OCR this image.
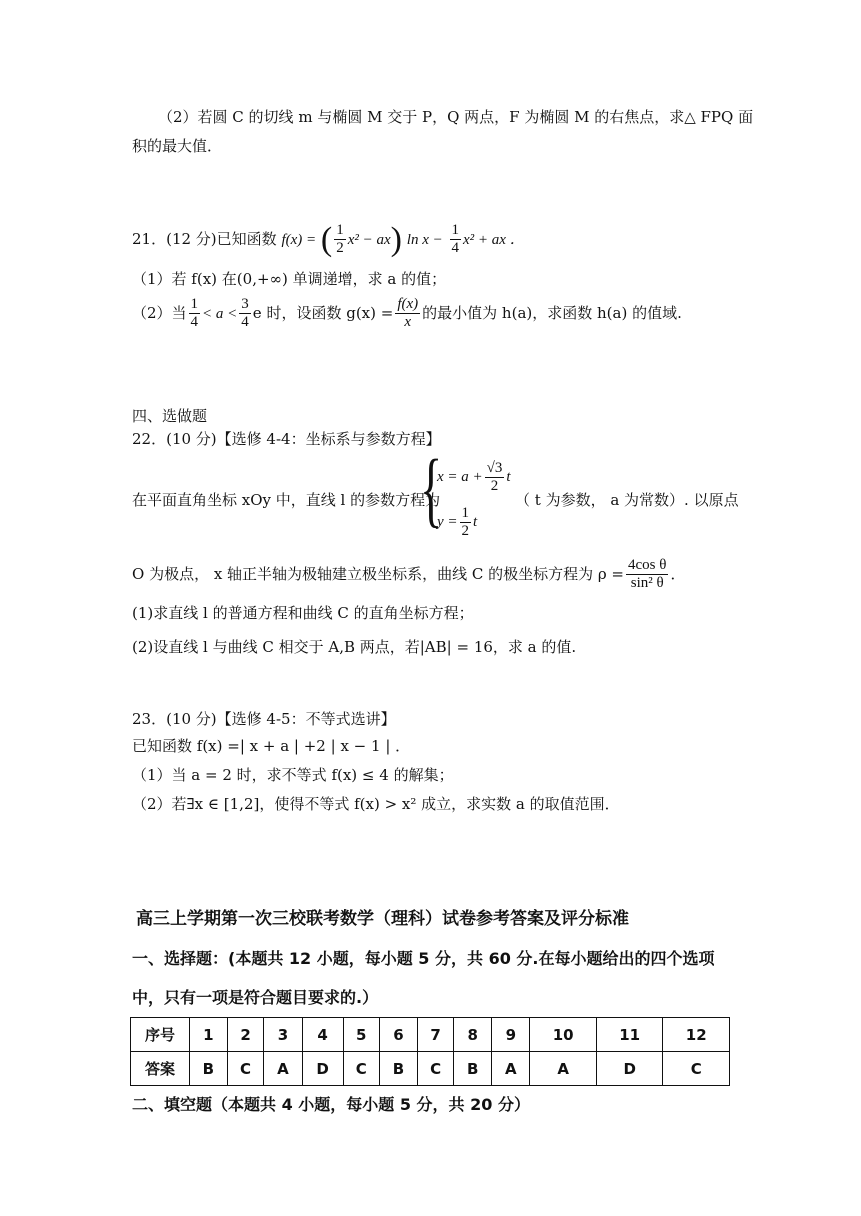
（2）若圆 C 的切线 m 与椭圆 M 交于 P，Q 两点，F 为椭圆 M 的右焦点，求△ FPQ 面
积的最大值．
21．(12 分)已知函数 f(x) = ( $\frac{1}{2} x^2 - ax$) $\ln x - \frac{1}{4} x^2$ + ax ．
（1）若 f(x) 在(0,+∞) 单调递增，求 a 的值；
（2）当 $\frac{1}{4} < a < \frac{3}{4}$ e 时，设函数 $g(x) = \frac{f(x)}{x}$ 的最小值为 h(a)，求函数 h(a) 的值域.
四、选做题
22．(10 分)【选修 4-4：坐标系与参数方程】
在平面直角坐标 xOy 中，直线 l 的参数方程为
{
$x = a + \frac{√3}{2}$ t
$y = \frac{1}{2}$ t
（ t 为参数， a 为常数）. 以原点
O 为极点， x 轴正半轴为极轴建立极坐标系，曲线 C 的极坐标方程为 $\rho = \frac{\text{4cos θ}}{\text{sin² θ}}$ ．
(1)求直线 l 的普通方程和曲线 C 的直角坐标方程；
(2)设直线 l 与曲线 C 相交于 A,B 两点，若|AB| = 16，求 a 的值.
23．(10 分)【选修 4-5：不等式选讲】
已知函数 f(x) =| x + a | +2 | x − 1 | ．
（1）当 a = 2 时，求不等式 f(x) ≤ 4 的解集；
（2）若∃x ∈ [1,2]，使得不等式 f(x) > x² 成立，求实数 a 的取值范围．
高三上学期第一次三校联考数学（理科）试卷参考答案及评分标准
一、选择题：(本题共 12 小题，每小题 5 分，共 60 分.在每小题给出的四个选项
中，只有一项是符合题目要求的.）
序号	1	2	3	4	5	6	7	8	9	10	11	12
答案	B	C	A	D	C	B	C	B	A	A	D	C
二、填空题（本题共 4 小题，每小题 5 分，共 20 分）
